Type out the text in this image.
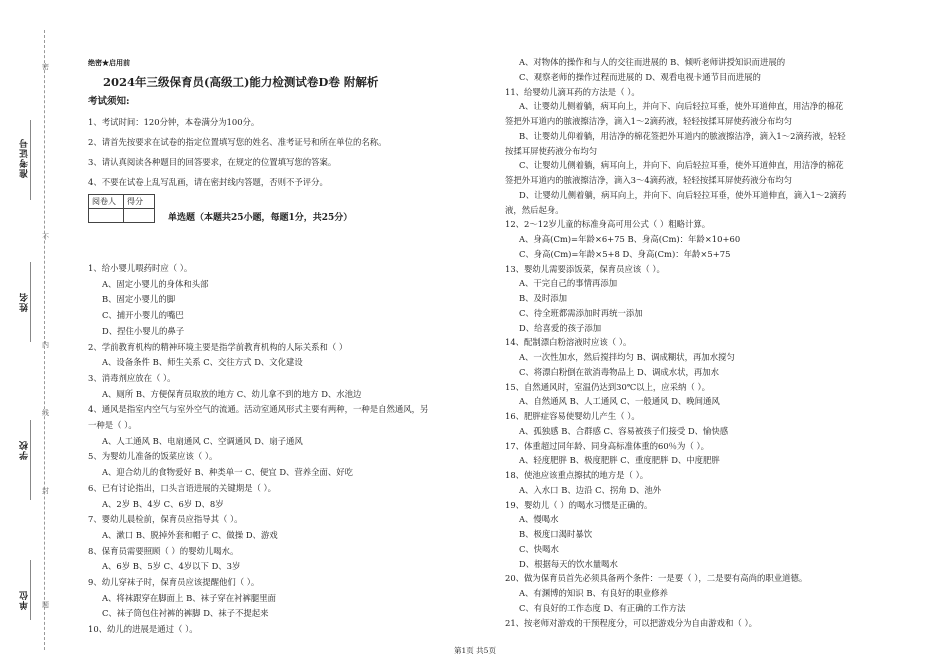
准考证号
姓名
学校
单位
密
不
内
线
封
题
绝密★启用前
2024年三级保育员(高级工)能力检测试卷D卷 附解析
考试须知:
1、考试时间：120分钟，本卷满分为100分。
2、请首先按要求在试卷的指定位置填写您的姓名、准考证号和所在单位的名称。
3、请认真阅读各种题目的回答要求，在规定的位置填写您的答案。
4、不要在试卷上乱写乱画，请在密封线内答题，否则不予评分。
阅卷人	得分

单选题（本题共25小题，每题1分，共25分）
1、给小婴儿喂药时应（ ）。
A、固定小婴儿的身体和头部
B、固定小婴儿的脚
C、捕开小婴儿的嘴巴
D、捏住小婴儿的鼻子
2、学前教育机构的精神环境主要是指学前教育机构的人际关系和（ ）
A、设备条件 B、师生关系 C、交往方式 D、文化建设
3、消毒剂应放在（ ）。
A、厕所 B、方便保育员取放的地方 C、幼儿拿不到的地方 D、水池边
4、通风是指室内空气与室外空气的流通。活动室通风形式主要有两种，一种是自然通风，另
一种是（ ）。
A、人工通风 B、电扇通风 C、空调通风 D、扇子通风
5、为婴幼儿准备的饭菜应该（ ）。
A、迎合幼儿的食物爱好 B、种类单一 C、便宜 D、营养全面、好吃
6、已有讨论指出，口头言语进展的关键期是（ ）。
A、2岁 B、4岁 C、6岁 D、8岁
7、婴幼儿晨检前，保育员应指导其（ ）。
A、漱口 B、脱掉外套和帽子 C、做操 D、游戏
8、保育员需要照顾（ ）的婴幼儿喝水。
A、6岁 B、5岁 C、4岁以下 D、3岁
9、幼儿穿袜子时，保育员应该提醒他们（ ）。
A、将袜跟穿在脚面上 B、袜子穿在衬裤腿里面
C、袜子筒包住衬裤的裤脚 D、袜子不提起来
10、幼儿的进展是通过（ ）。
A、对物体的操作和与人的交往而进展的 B、倾听老师讲授知识而进展的
C、观察老师的操作过程而进展的 D、观看电视卡通节目而进展的
11、给婴幼儿滴耳药的方法是（ ）。
A、让婴幼儿侧着躺，病耳向上，并向下、向后轻拉耳垂，使外耳道伸直，用洁净的棉花
签把外耳道内的脓液擦洁净，滴入1～2滴药液，轻轻按揉耳屏使药液分布均匀
B、让婴幼儿仰着躺，用洁净的棉花签把外耳道内的脓液擦洁净，滴入1～2滴药液，轻轻
按揉耳屏使药液分布均匀
C、让婴幼儿侧着躺，病耳向上，并向下、向后轻拉耳垂，使外耳道伸直，用洁净的棉花
签把外耳道内的脓液擦洁净，滴入3～4滴药液，轻轻按揉耳屏使药液分布均匀
D、让婴幼儿侧着躺，病耳向上，并向下、向后轻拉耳垂，使外耳道伸直，滴入1～2滴药
液，然后起身。
12、2～12岁儿童的标准身高可用公式（ ）粗略计算。
A、身高(Cm)=年龄×6+75 B、身高(Cm)：年龄×10+60
C、身高(Cm)=年龄×5+8 D、身高(Cm)：年龄×5+75
13、婴幼儿需要添饭菜，保育员应该（ ）。
A、干完自己的事情再添加
B、及时添加
C、待全班都需添加时再统一添加
D、给喜爱的孩子添加
14、配制漂白粉溶液时应该（ ）。
A、一次性加水，然后搅拌均匀 B、调成糊状，再加水搅匀
C、将漂白粉倒在欲消毒物品上 D、调成水状，再加水
15、自然通风时，室温仍达到30℃以上，应采纳（ ）。
A、自然通风 B、人工通风 C、一般通风 D、晚间通风
16、肥胖症容易使婴幼儿产生（ ）。
A、孤独感 B、合群感 C、容易被孩子们接受 D、愉快感
17、体重超过同年龄、同身高标准体重的60％为（ ）。
A、轻度肥胖 B、极度肥胖 C、重度肥胖 D、中度肥胖
18、使池应该重点擦拭的地方是（ ）。
A、入水口 B、边沿 C、拐角 D、池外
19、婴幼儿（ ）的喝水习惯是正确的。
A、慢喝水
B、极度口渴时暴饮
C、快喝水
D、根据每天的饮水量喝水
20、做为保育员首先必须具备两个条件：一是要（ ），二是要有高尚的职业道德。
A、有渊博的知识 B、有良好的职业修养
C、有良好的工作态度 D、有正确的工作方法
21、按老师对游戏的干预程度分，可以把游戏分为自由游戏和（ ）。
第1页 共5页
